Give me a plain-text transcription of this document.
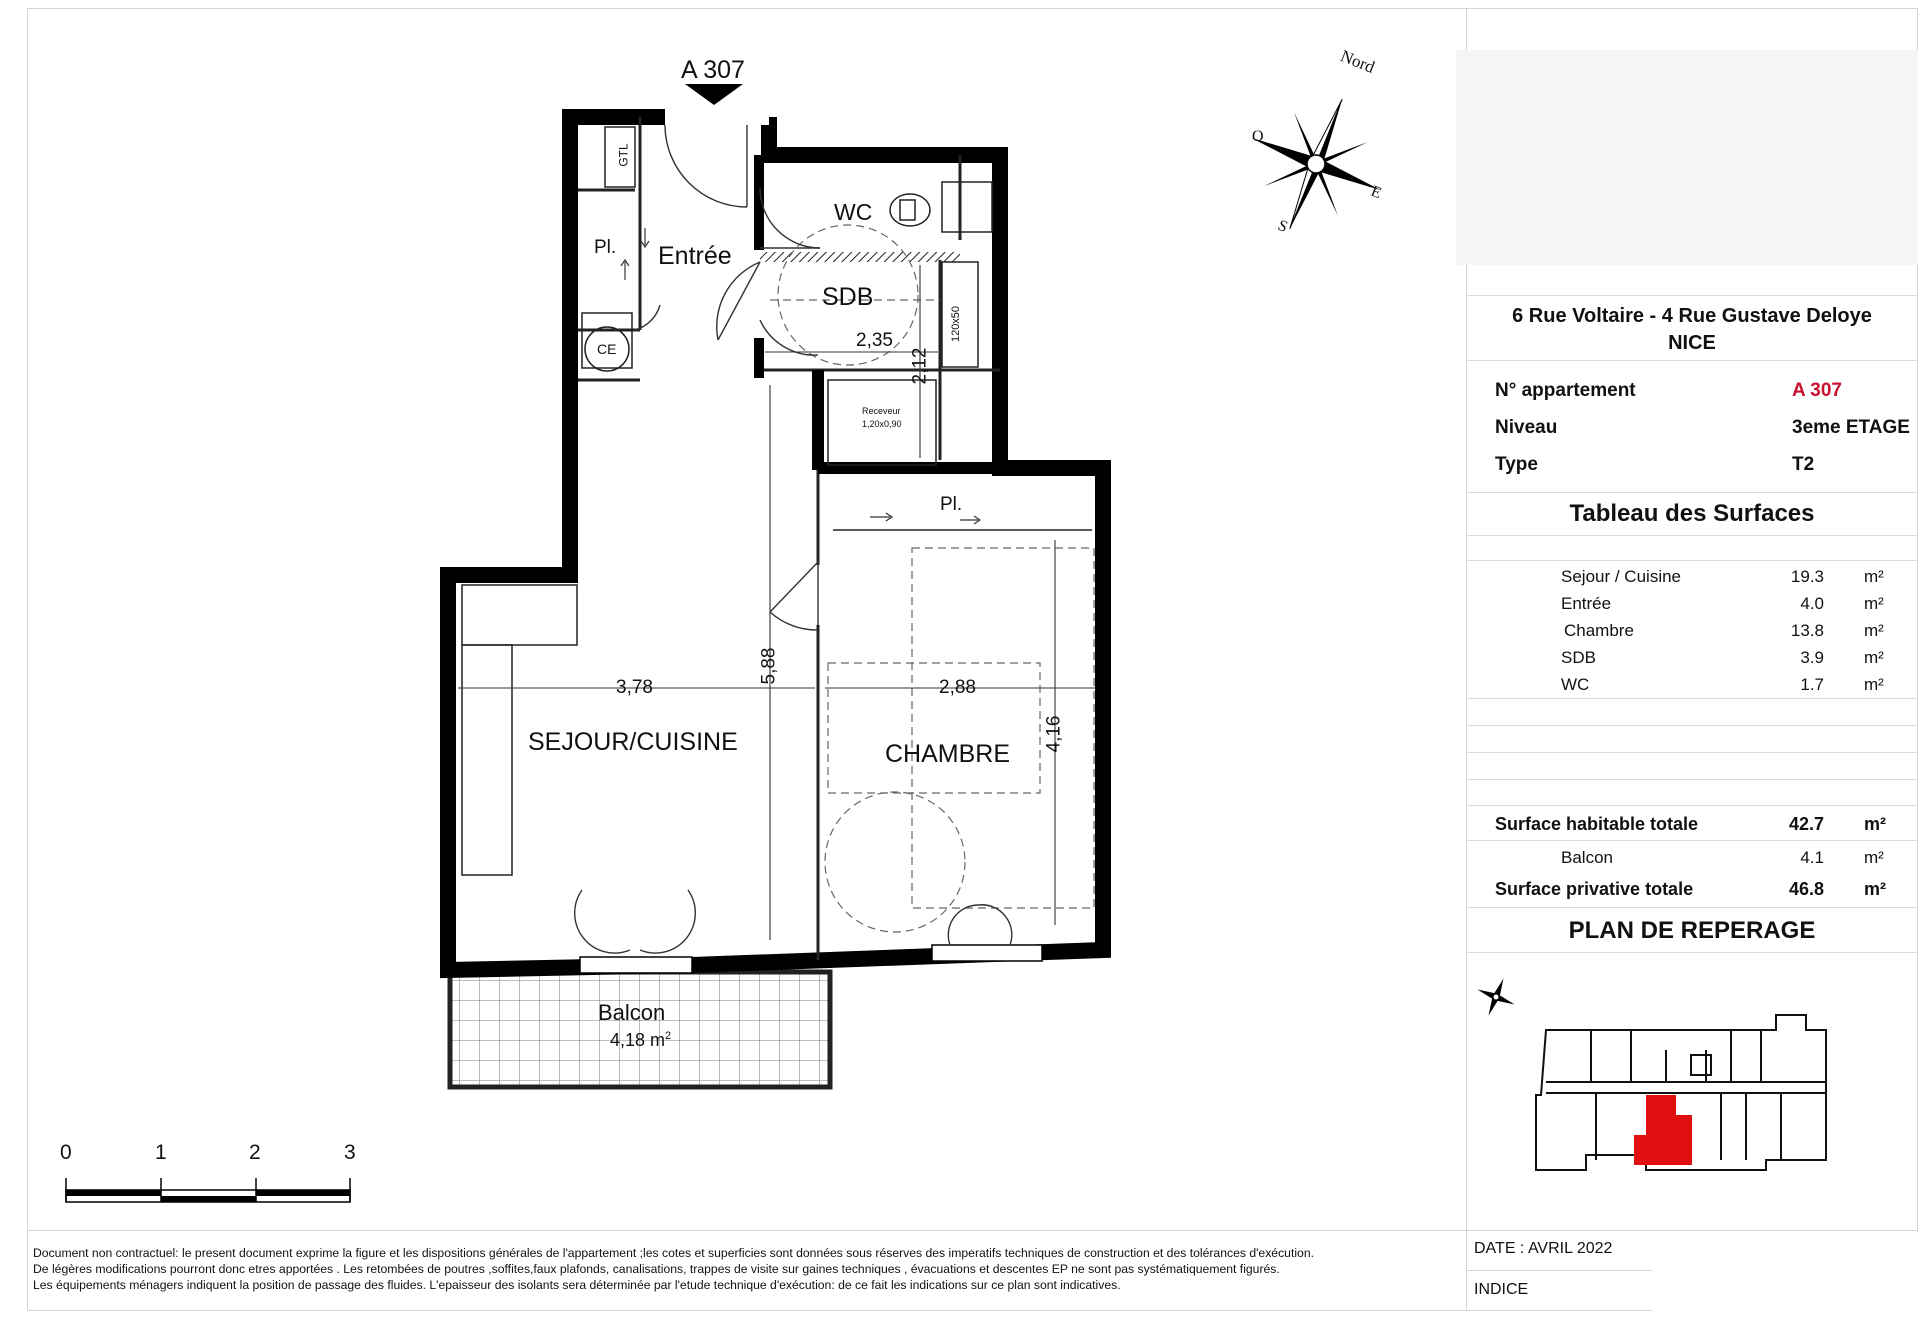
A 307
Entrée
WC
SDB
SEJOUR/CUISINE	CHAMBRE
Balcon
4,18 $m^2$
GTL
Pl.
Pl.
CE
Receveur
1,20x0,90
120x50
2,35
2,12
3,78
5,88
2,88
4,16
Nord
E
S
O
0	1	2	3
6 Rue Voltaire - 4 Rue Gustave Deloye
NICE
N° appartement	A 307
Niveau	3eme ETAGE
Type	T2
Tableau des Surfaces
Sejour / Cuisine	19.3 m²
Entrée	4.0 m²
Chambre	13.8 m²
SDB	3.9 m²
WC	1.7 m²
Surface habitable totale	42.7 m²
Balcon	4.1 m²
Surface privative totale	46.8 m²
PLAN DE REPERAGE
Document non contractuel: le present document exprime la figure et les dispositions générales de l'appartement ;les cotes et superficies sont données sous réserves des imperatifs techniques de construction et des tolérances d'exécution.
De légères modifications pourront donc etres apportées . Les retombées de poutres ,soffites,faux plafonds, canalisations, trappes de visite sur gaines techniques , évacuations et descentes EP ne sont pas systématiquement figurés.
Les équipements ménagers indiquent la position de passage des fluides. L'epaisseur des isolants sera déterminée par l'etude technique d'exécution: de ce fait les indications sur ce plan sont indicatives.
DATE : AVRIL 2022
INDICE
